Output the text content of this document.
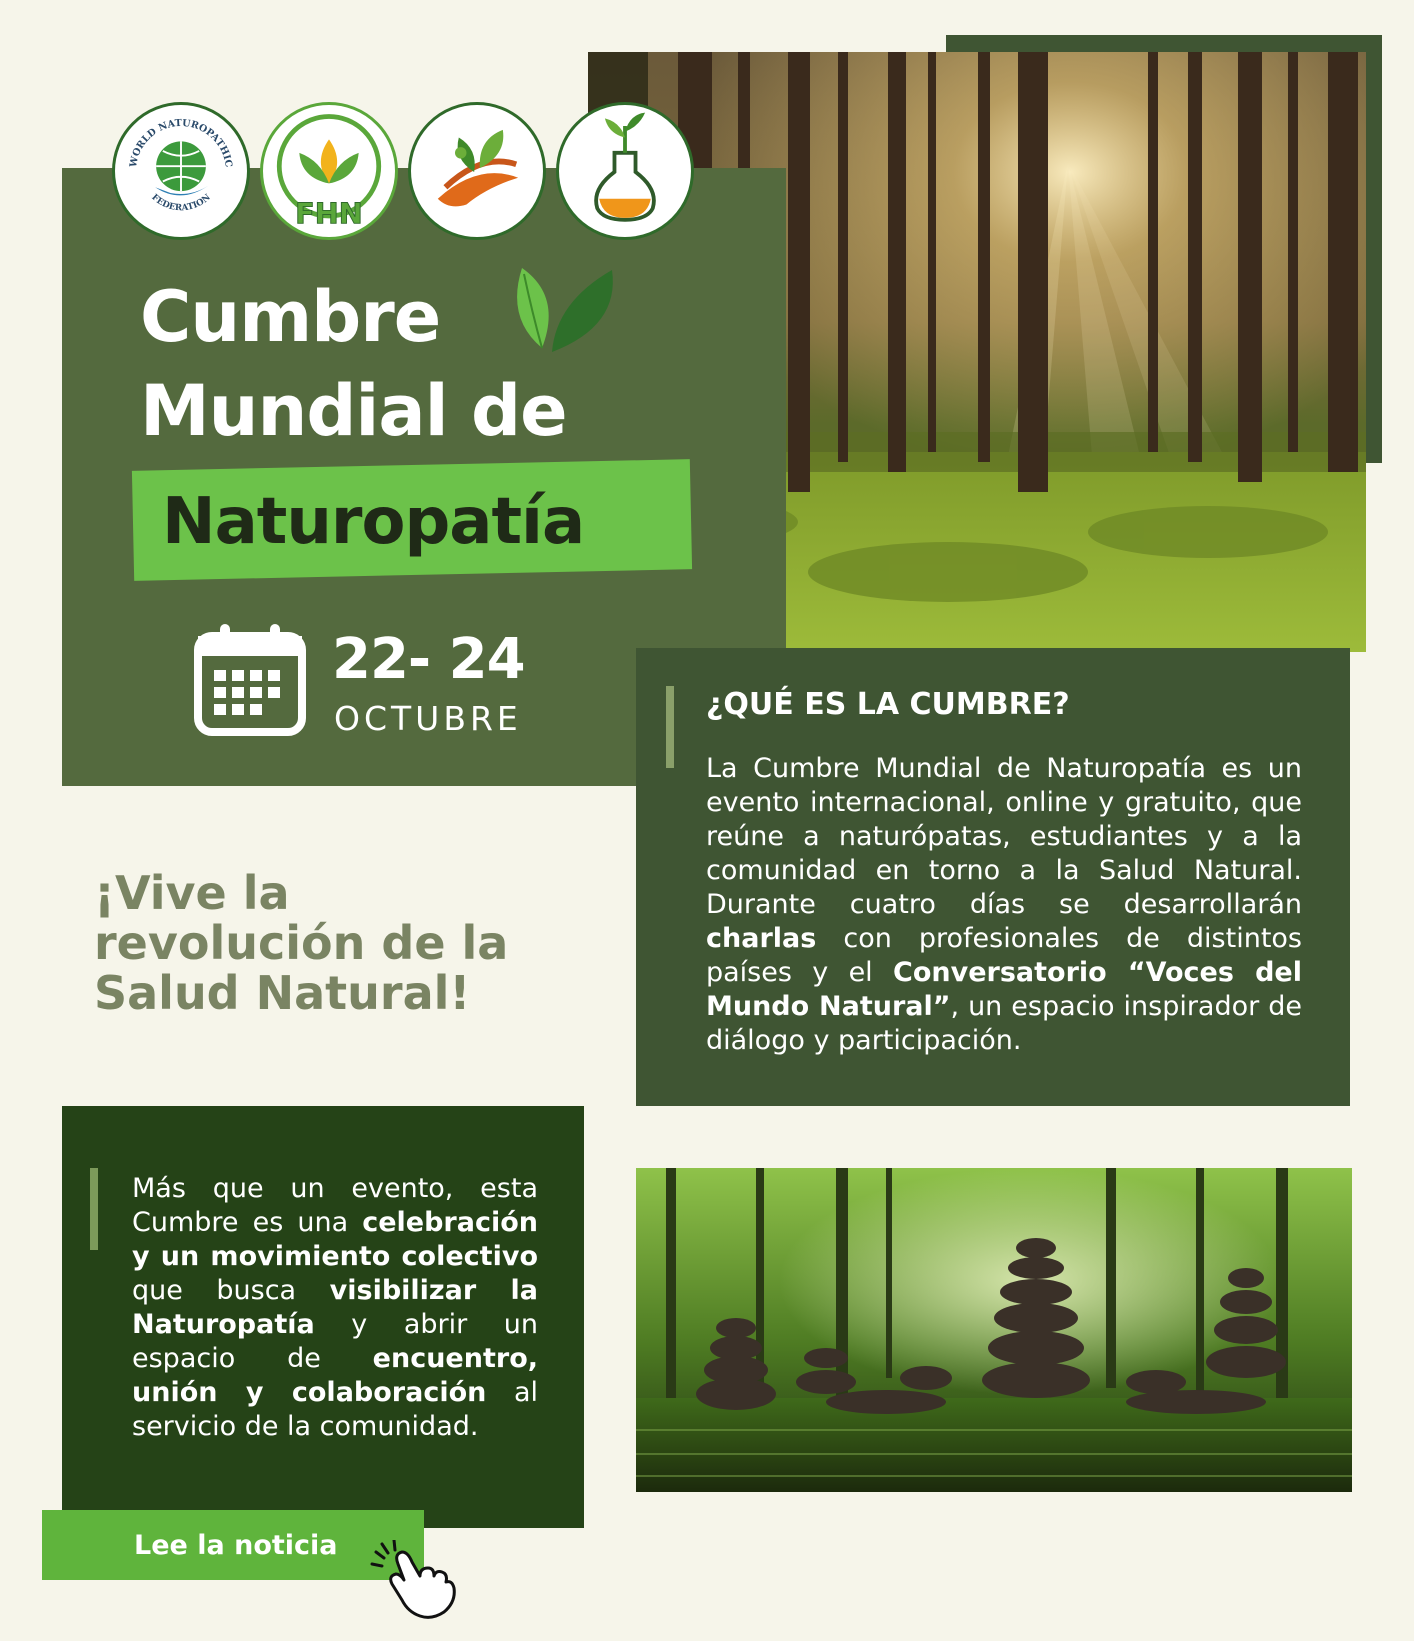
WORLD NATUROPATHIC
FEDERATION	FHN
Cumbre
Mundial de
Naturopatía
22- 24
OCTUBRE	¿QUÉ ES LA CUMBRE?
La Cumbre Mundial de Naturopatía es un evento internacional, online y gratuito, que reúne a naturópatas, estudiantes y a la comunidad en torno a la Salud Natural. Durante cuatro días se desarrollarán charlas con profesionales de distintos países y el Conversatorio “Voces del Mundo Natural”, un espacio inspirador de diálogo y participación.
¡Vive la revolución de la Salud Natural!
Más que un evento, esta Cumbre es una celebración y un movimiento colectivo que busca visibilizar la Naturopatía y abrir un espacio de encuentro, unión y colaboración al servicio de la comunidad.
Lee la noticia
